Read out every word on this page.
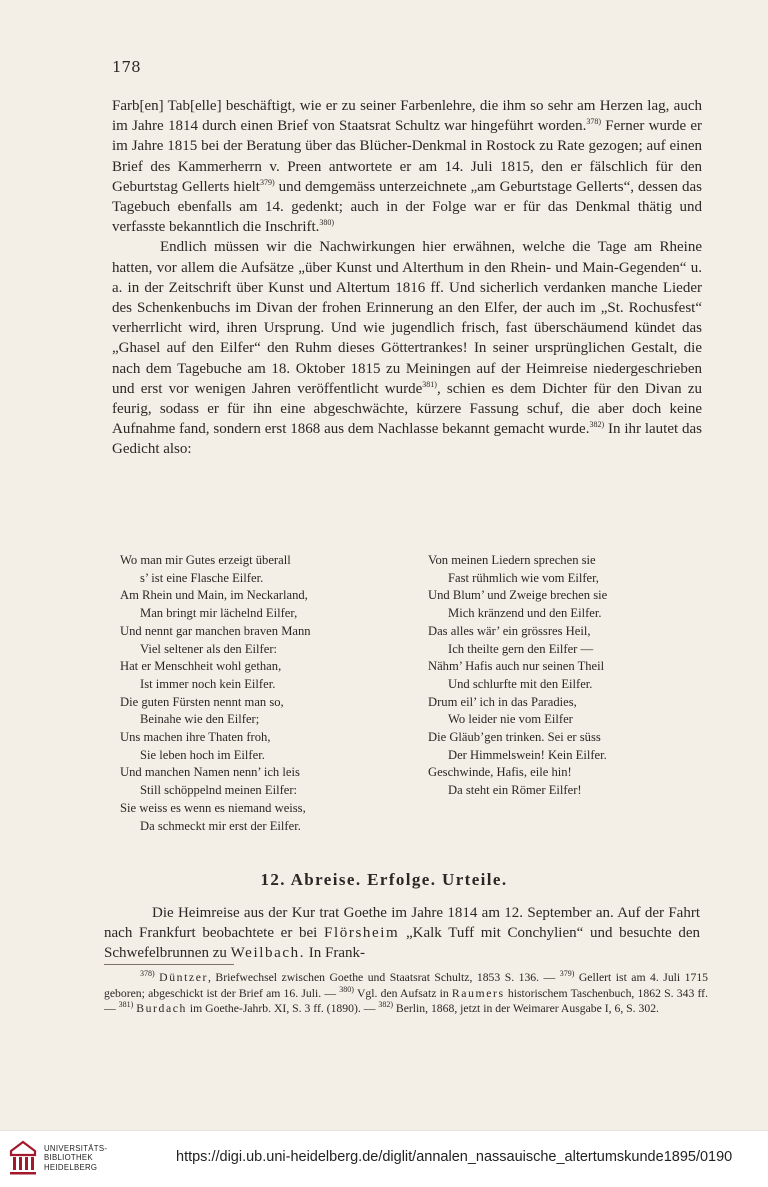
178

Farb[en] Tab[elle] beschäftigt, wie er zu seiner Farbenlehre, die ihm so sehr am Herzen lag, auch im Jahre 1814 durch einen Brief von Staatsrat Schultz war hingeführt worden.$^{378)}$ Ferner wurde er im Jahre 1815 bei der Beratung über das Blücher-Denkmal in Rostock zu Rate gezogen; auf einen Brief des Kammerherrn v. Preen antwortete er am 14. Juli 1815, den er fälschlich für den Geburtstag Gellerts hielt$^{379)}$ und demgemäss unterzeichnete „am Geburtstage Gellerts“, dessen das Tagebuch ebenfalls am 14. gedenkt; auch in der Folge war er für das Denkmal thätig und verfasste bekanntlich die Inschrift.$^{380)}$

Endlich müssen wir die Nachwirkungen hier erwähnen, welche die Tage am Rheine hatten, vor allem die Aufsätze „über Kunst und Alterthum in den Rhein- und Main-Gegenden“ u. a. in der Zeitschrift über Kunst und Altertum 1816 ff. Und sicherlich verdanken manche Lieder des Schenkenbuchs im Divan der frohen Erinnerung an den Elfer, der auch im „St. Rochusfest“ verherrlicht wird, ihren Ursprung. Und wie jugendlich frisch, fast überschäumend kündet das „Ghasel auf den Eilfer“ den Ruhm dieses Göttertrankes! In seiner ursprünglichen Gestalt, die nach dem Tagebuche am 18. Oktober 1815 zu Meiningen auf der Heimreise niedergeschrieben und erst vor wenigen Jahren veröffentlicht wurde$^{381)}$, schien es dem Dichter für den Divan zu feurig, sodass er für ihn eine abgeschwächte, kürzere Fassung schuf, die aber doch keine Aufnahme fand, sondern erst 1868 aus dem Nachlasse bekannt gemacht wurde.$^{382)}$ In ihr lautet das Gedicht also:

Wo man mir Gutes erzeigt überall
s’ ist eine Flasche Eilfer.
Am Rhein und Main, im Neckarland,
Man bringt mir lächelnd Eilfer,
Und nennt gar manchen braven Mann
Viel seltener als den Eilfer:
Hat er Menschheit wohl gethan,
Ist immer noch kein Eilfer.
Die guten Fürsten nennt man so,
Beinahe wie den Eilfer;
Uns machen ihre Thaten froh,
Sie leben hoch im Eilfer.
Und manchen Namen nenn’ ich leis
Still schöppelnd meinen Eilfer:
Sie weiss es wenn es niemand weiss,
Da schmeckt mir erst der Eilfer.
Von meinen Liedern sprechen sie
Fast rühmlich wie vom Eilfer,
Und Blum’ und Zweige brechen sie
Mich kränzend und den Eilfer.
Das alles wär’ ein grössres Heil,
Ich theilte gern den Eilfer —
Nähm’ Hafis auch nur seinen Theil
Und schlurfte mit den Eilfer.
Drum eil’ ich in das Paradies,
Wo leider nie vom Eilfer
Die Gläub’gen trinken. Sei er süss
Der Himmelswein! Kein Eilfer.
Geschwinde, Hafis, eile hin!
Da steht ein Römer Eilfer!
12. Abreise. Erfolge. Urteile.

Die Heimreise aus der Kur trat Goethe im Jahre 1814 am 12. September an. Auf der Fahrt nach Frankfurt beobachtete er bei Flörsheim „Kalk Tuff mit Conchylien“ und besuchte den Schwefelbrunnen zu Weilbach. In Frank-

$^{378)}$ Düntzer, Briefwechsel zwischen Goethe und Staatsrat Schultz, 1853 S. 136. — $^{379)}$ Gellert ist am 4. Juli 1715 geboren; abgeschickt ist der Brief am 16. Juli. — $^{380)}$ Vgl. den Aufsatz in Raumers historischem Taschenbuch, 1862 S. 343 ff. — $^{381)}$ Burdach im Goethe-Jahrb. XI, S. 3 ff. (1890). — $^{382)}$ Berlin, 1868, jetzt in der Weimarer Ausgabe I, 6, S. 302.

UNIVERSITÄTS-
BIBLIOTHEK
HEIDELBERG
https://digi.ub.uni-heidelberg.de/diglit/annalen_nassauische_altertumskunde1895/0190
